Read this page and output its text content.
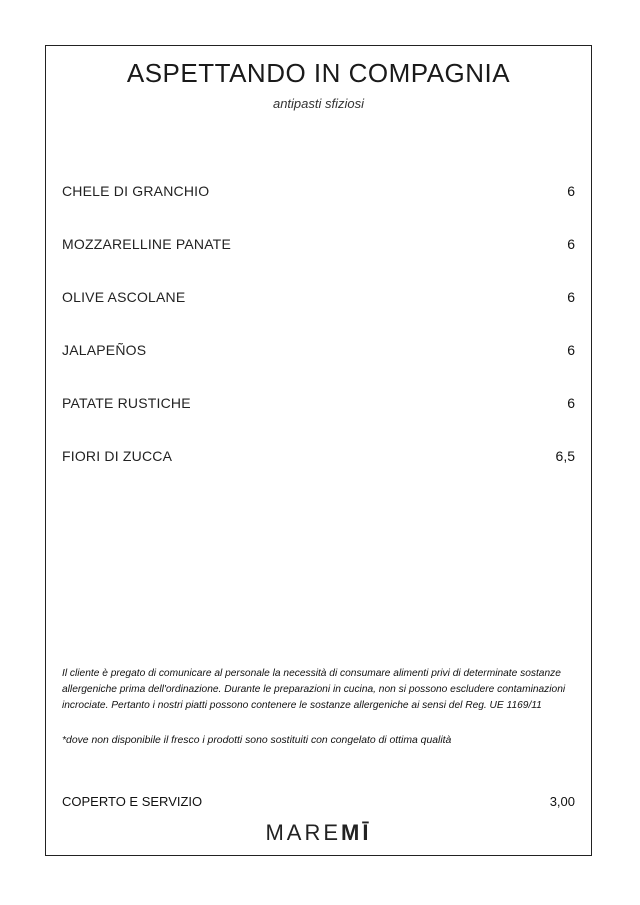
ASPETTANDO IN COMPAGNIA
antipasti sfiziosi
CHELE DI GRANCHIO	6
MOZZARELLINE PANATE	6
OLIVE ASCOLANE	6
JALAPEÑOS	6
PATATE RUSTICHE	6
FIORI DI ZUCCA	6,5
Il cliente è pregato di comunicare al personale la necessità di consumare alimenti privi di determinate sostanze allergeniche prima dell'ordinazione. Durante le preparazioni in cucina, non si possono escludere contaminazioni incrociate. Pertanto i nostri piatti possono contenere le sostanze allergeniche ai sensi del Reg. UE 1169/11
*dove non disponibile il fresco i prodotti sono sostituiti con congelato di ottima qualità
COPERTO E SERVIZIO	3,00
MAREMĪ
